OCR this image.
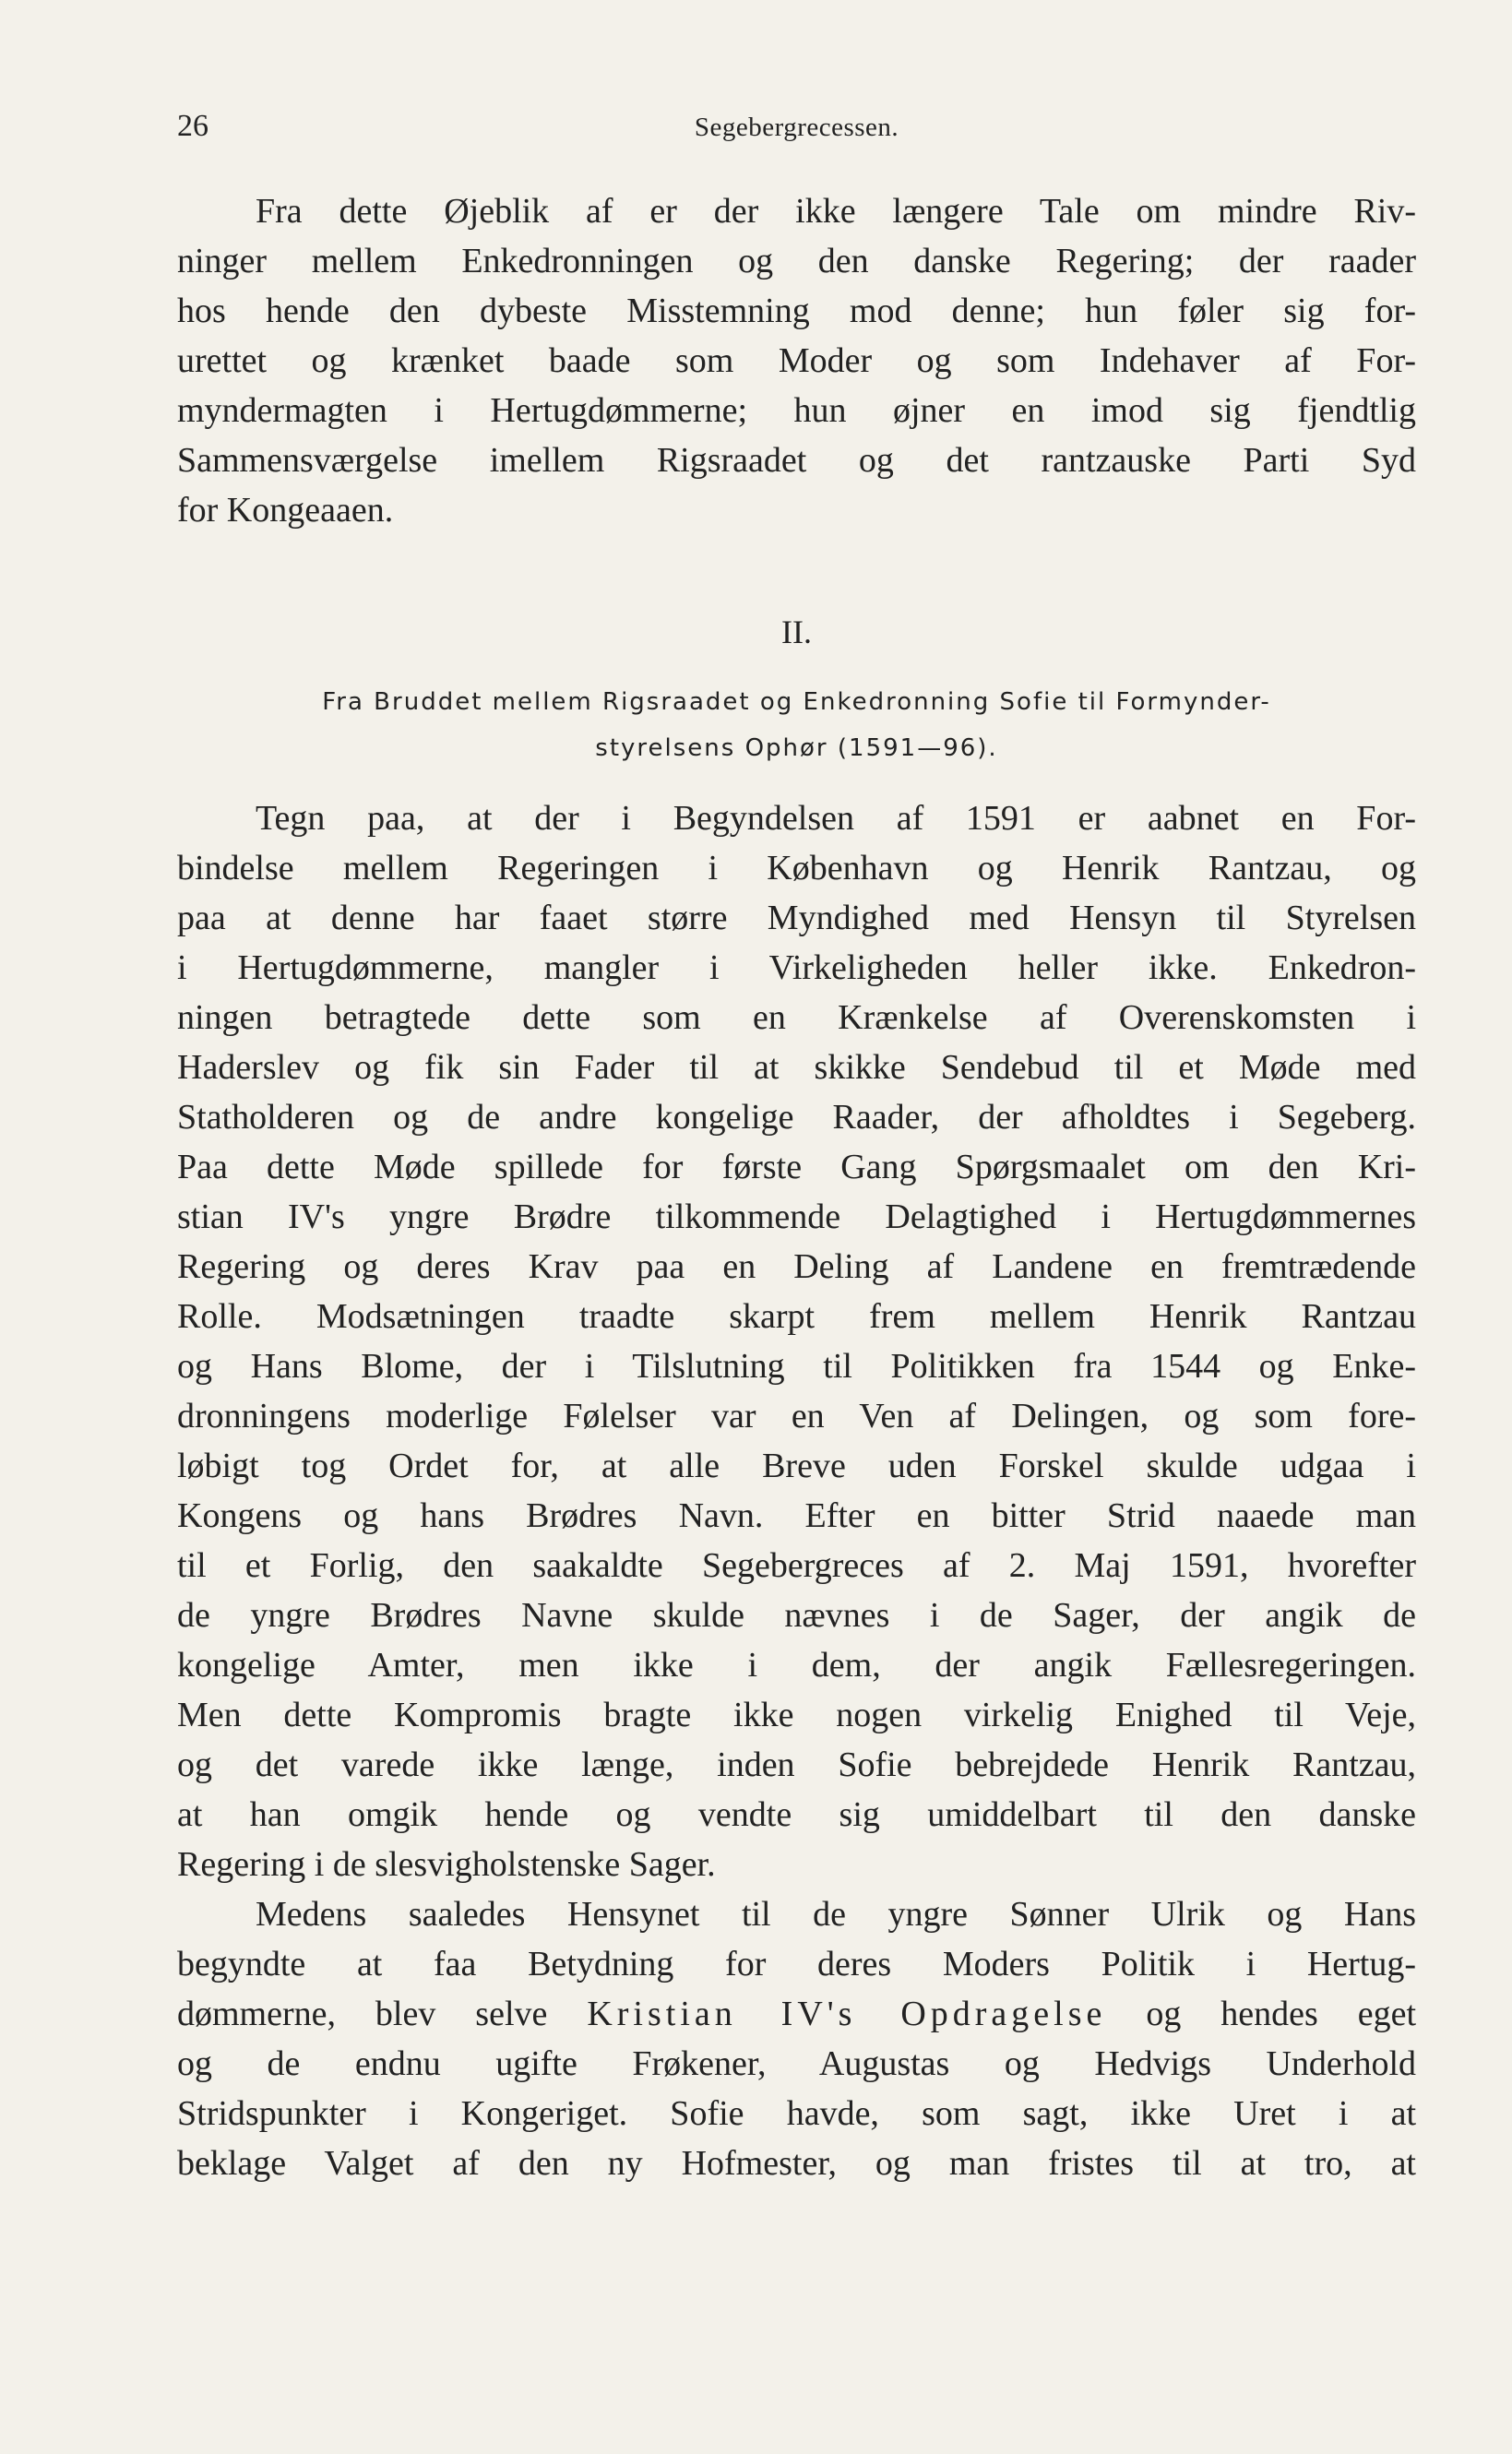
26	Segebergrecessen.
Fra dette Øjeblik af er der ikke længere Tale om mindre Riv-
ninger mellem Enkedronningen og den danske Regering; der raader
hos hende den dybeste Misstemning mod denne; hun føler sig for-
urettet og krænket baade som Moder og som Indehaver af For-
myndermagten i Hertugdømmerne; hun øjner en imod sig fjendtlig
Sammensværgelse imellem Rigsraadet og det rantzauske Parti Syd
for Kongeaaen.
II.
Fra Bruddet mellem Rigsraadet og Enkedronning Sofie til Formynder-
styrelsens Ophør (1591—96).
Tegn paa, at der i Begyndelsen af 1591 er aabnet en For-
bindelse mellem Regeringen i København og Henrik Rantzau, og
paa at denne har faaet større Myndighed med Hensyn til Styrelsen
i Hertugdømmerne, mangler i Virkeligheden heller ikke. Enkedron-
ningen betragtede dette som en Krænkelse af Overenskomsten i
Haderslev og fik sin Fader til at skikke Sendebud til et Møde med
Statholderen og de andre kongelige Raader, der afholdtes i Segeberg.
Paa dette Møde spillede for første Gang Spørgsmaalet om den Kri-
stian IV's yngre Brødre tilkommende Delagtighed i Hertugdømmernes
Regering og deres Krav paa en Deling af Landene en fremtrædende
Rolle. Modsætningen traadte skarpt frem mellem Henrik Rantzau
og Hans Blome, der i Tilslutning til Politikken fra 1544 og Enke-
dronningens moderlige Følelser var en Ven af Delingen, og som fore-
løbigt tog Ordet for, at alle Breve uden Forskel skulde udgaa i
Kongens og hans Brødres Navn. Efter en bitter Strid naaede man
til et Forlig, den saakaldte Segebergreces af 2. Maj 1591, hvorefter
de yngre Brødres Navne skulde nævnes i de Sager, der angik de
kongelige Amter, men ikke i dem, der angik Fællesregeringen.
Men dette Kompromis bragte ikke nogen virkelig Enighed til Veje,
og det varede ikke længe, inden Sofie bebrejdede Henrik Rantzau,
at han omgik hende og vendte sig umiddelbart til den danske
Regering i de slesvigholstenske Sager.
Medens saaledes Hensynet til de yngre Sønner Ulrik og Hans
begyndte at faa Betydning for deres Moders Politik i Hertug-
dømmerne, blev selve Kristian IV's Opdragelse og hendes eget
og de endnu ugifte Frøkener, Augustas og Hedvigs Underhold
Stridspunkter i Kongeriget. Sofie havde, som sagt, ikke Uret i at
beklage Valget af den ny Hofmester, og man fristes til at tro, at
